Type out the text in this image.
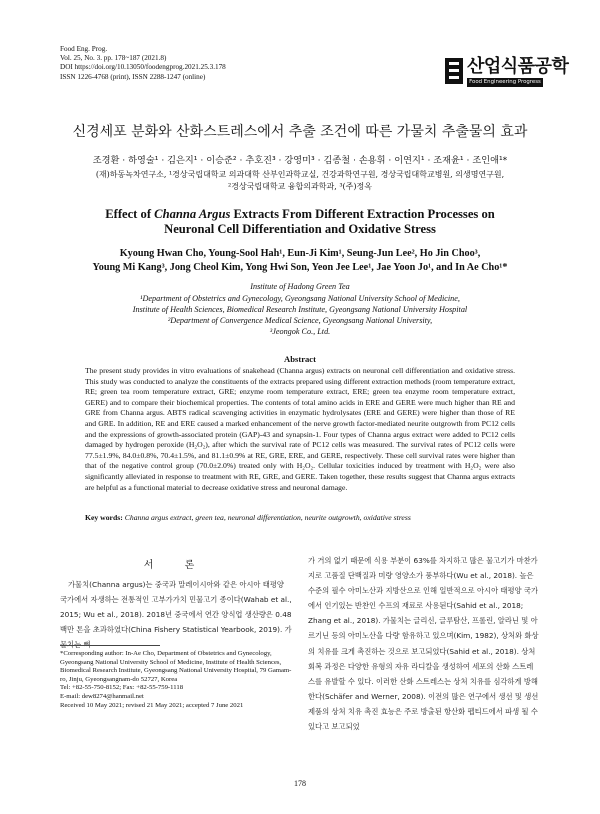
Food Eng. Prog.
Vol. 25, No. 3. pp. 178~187 (2021.8)
DOI https://doi.org/10.13050/foodengprog.2021.25.3.178
ISSN 1226-4768 (print), ISSN 2288-1247 (online)	산업식품공학
Food Engineering Progress
신경세포 분화와 산화스트레스에서 추출 조건에 따른 가물치 추출물의 효과
조경환 · 하영술¹ · 김은지¹ · 이승준² · 추호진³ · 강영미³ · 김종철 · 손용휘 · 이연지¹ · 조재윤¹ · 조인애¹*
(재)하동녹차연구소, ¹경상국립대학교 의과대학 산부인과학교실, 건강과학연구원, 경상국립대학교병원, 의생명연구원,
²경상국립대학교 융합의과학과, ³(주)정옥
Effect of Channa Argus Extracts From Different Extraction Processes on
Neuronal Cell Differentiation and Oxidative Stress
Kyoung Hwan Cho, Young-Sool Hah¹, Eun-Ji Kim¹, Seung-Jun Lee², Ho Jin Choo³,
Young Mi Kang³, Jong Cheol Kim, Yong Hwi Son, Yeon Jee Lee¹, Jae Yoon Jo¹, and In Ae Cho¹*
Institute of Hadong Green Tea
¹Department of Obstetrics and Gynecology, Gyeongsang National University School of Medicine,
Institute of Health Sciences, Biomedical Research Institute, Gyeongsang National University Hospital
²Department of Convergence Medical Science, Gyeongsang National University,
³Jeongok Co., Ltd.
Abstract
The present study provides in vitro evaluations of snakehead (Channa argus) extracts on neuronal cell differentiation and oxidative stress. This study was conducted to analyze the constituents of the extracts prepared using different extraction methods (room temperature extract, RE; green tea room temperature extract, GRE; enzyme room temperature extract, ERE; green tea enzyme room temperature extract, GERE) and to compare their biochemical properties. The contents of total amino acids in ERE and GERE were much higher than RE and GRE from Channa argus. ABTS radical scavenging activities in enzymatic hydrolysates (ERE and GERE) were higher than those of RE and GRE. In addition, RE and ERE caused a marked enhancement of the nerve growth factor-mediated neurite outgrowth from PC12 cells and the expressions of growth-associated protein (GAP)-43 and synapsin-1. Four types of Channa argus extract were added to PC12 cells damaged by hydrogen peroxide (H₂O₂), after which the survival rate of PC12 cells was measured. The survival rates of PC12 cells were 77.5±1.9%, 84.0±0.8%, 70.4±1.5%, and 81.1±0.9% at RE, GRE, ERE, and GERE, respectively. These cell survival rates were higher than that of the negative control group (70.0±2.0%) treated only with H₂O₂. Cellular toxicities induced by treatment with H₂O₂ were also significantly alleviated in response to treatment with RE, GRE, and GERE. Taken together, these results suggest that Channa argus extracts are helpful as a functional material to decrease oxidative stress and neuronal damage.
Key words: Channa argus extract, green tea, neuronal differentiation, neurite outgrowth, oxidative stress
서 론

가물치(Channa argus)는 중국과 말레이시아와 같은 아시아 태평양 국가에서 자생하는 전통적인 고부가가치 민물고기 종이다(Wahab et al., 2015; Wu et al., 2018). 2018년 중국에서 연간 양식업 생산량은 0.48 백만 톤을 초과하였다(China Fishery Statistical Yearbook, 2019). 가물치는 뼈

가 거의 없기 때문에 식용 부분이 63%를 차지하고 많은 물고기가 마찬가지로 고품질 단백질과 미량 영양소가 풍부하다(Wu et al., 2018). 높은 수준의 필수 아미노산과 지방산으로 인해 일반적으로 아시아 태평양 국가에서 인기있는 반찬인 수프의 재료로 사용된다(Sahid et al., 2018; Zhang et al., 2018). 가물치는 글리신, 글루탐산, 프롤린, 알라닌 및 아르기닌 등의 아미노산을 다량 함유하고 있으며(Kim, 1982), 상처와 화상의 치유를 크게 촉진하는 것으로 보고되었다(Sahid et al., 2018). 상처 회복 과정은 다양한 유형의 자유 라디칼을 생성하여 세포의 산화 스트레스를 유발할 수 있다. 이러한 산화 스트레스는 상처 치유를 심각하게 방해한다(Schäfer and Werner, 2008). 이전의 많은 연구에서 생선 및 생선 제품의 상처 치유 촉진 효능은 주로 방출된 항산화 펩티드에서 파생 될 수 있다고 보고되었

*Corresponding author: In-Ae Cho, Department of Obstetrics and Gynecology, Gyeongsang National University School of Medicine, Institute of Health Sciences, Biomedical Research Institute, Gyeongsang National University Hospital, 79 Gamam-ro, Jinju, Gyeongsangnam-do 52727, Korea
Tel: +82-55-750-8152; Fax: +82-55-759-1118
E-mail: dew8274@hanmail.net
Received 10 May 2021; revised 21 May 2021; accepted 7 June 2021
178
